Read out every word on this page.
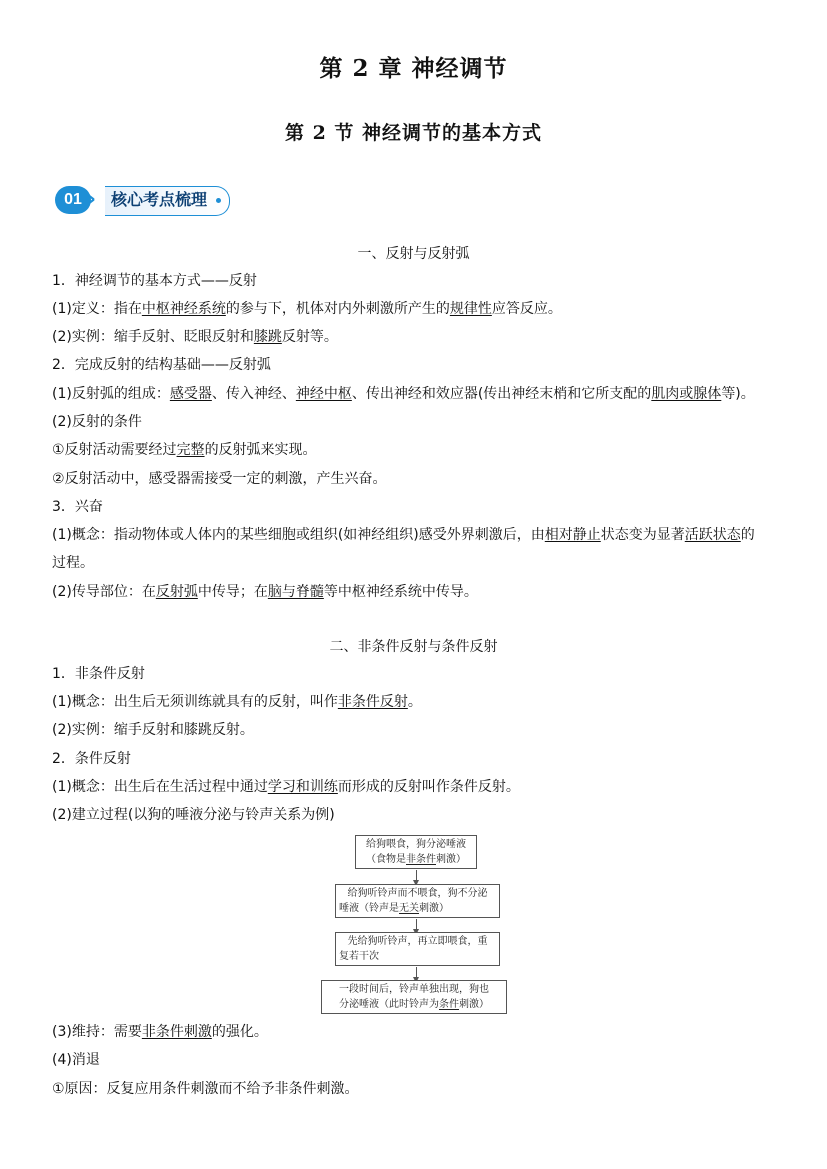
第 2 章 神经调节
第 2 节 神经调节的基本方式
核心考点梳理
01 ›
一、反射与反射弧
1．神经调节的基本方式——反射
(1)定义：指在中枢神经系统的参与下，机体对内外刺激所产生的规律性应答反应。
(2)实例：缩手反射、眨眼反射和膝跳反射等。
2．完成反射的结构基础——反射弧
(1)反射弧的组成：感受器、传入神经、神经中枢、传出神经和效应器(传出神经末梢和它所支配的肌肉或腺体等)。
(2)反射的条件
①反射活动需要经过完整的反射弧来实现。
②反射活动中，感受器需接受一定的刺激，产生兴奋。
3．兴奋
(1)概念：指动物体或人体内的某些细胞或组织(如神经组织)感受外界刺激后，由相对静止状态变为显著活跃状态的
过程。
(2)传导部位：在反射弧中传导；在脑与脊髓等中枢神经系统中传导。
二、非条件反射与条件反射
1．非条件反射
(1)概念：出生后无须训练就具有的反射，叫作非条件反射。
(2)实例：缩手反射和膝跳反射。
2．条件反射
(1)概念：出生后在生活过程中通过学习和训练而形成的反射叫作条件反射。
(2)建立过程(以狗的唾液分泌与铃声关系为例)
给狗喂食，狗分泌唾液
（食物是非条件刺激）
给狗听铃声而不喂食，狗不分泌
唾液（铃声是无关刺激）
先给狗听铃声，再立即喂食，重
复若干次
一段时间后，铃声单独出现，狗也
分泌唾液（此时铃声为条件刺激）
(3)维持：需要非条件刺激的强化。
(4)消退
①原因：反复应用条件刺激而不给予非条件刺激。
